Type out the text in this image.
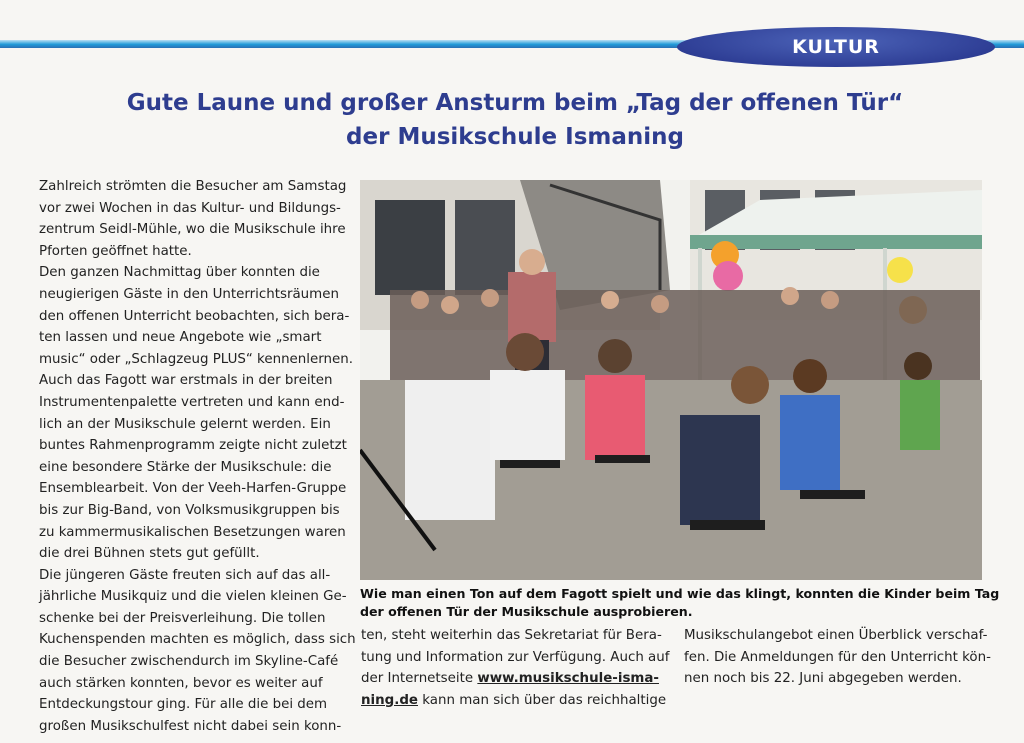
KULTUR
Gute Laune und großer Ansturm beim „Tag der offenen Tür“
der Musikschule Ismaning
Zahlreich strömten die Besucher am Samstag
vor zwei Wochen in das Kultur- und Bildungs-
zentrum Seidl-Mühle, wo die Musikschule ihre
Pforten geöffnet hatte.
Den ganzen Nachmittag über konnten die
neugierigen Gäste in den Unterrichtsräumen
den offenen Unterricht beobachten, sich bera-
ten lassen und neue Angebote wie „smart
music“ oder „Schlagzeug PLUS“ kennenlernen.
Auch das Fagott war erstmals in der breiten
Instrumentenpalette vertreten und kann end-
lich an der Musikschule gelernt werden. Ein
buntes Rahmenprogramm zeigte nicht zuletzt
eine besondere Stärke der Musikschule: die
Ensemblearbeit. Von der Veeh-Harfen-Gruppe
bis zur Big-Band, von Volksmusikgruppen bis
zu kammermusikalischen Besetzungen waren
die drei Bühnen stets gut gefüllt.
Die jüngeren Gäste freuten sich auf das all-
jährliche Musikquiz und die vielen kleinen Ge-
schenke bei der Preisverleihung. Die tollen
Kuchenspenden machten es möglich, dass sich
die Besucher zwischendurch im Skyline-Café
auch stärken konnten, bevor es weiter auf
Entdeckungstour ging. Für alle die bei dem
großen Musikschulfest nicht dabei sein konn-
Wie man einen Ton auf dem Fagott spielt und wie das klingt, konnten die Kinder beim Tag
der offenen Tür der Musikschule ausprobieren.
ten, steht weiterhin das Sekretariat für Bera-
tung und Information zur Verfügung. Auch auf
der Internetseite www.musikschule-isma-
ning.de kann man sich über das reichhaltige
Musikschulangebot einen Überblick verschaf-
fen. Die Anmeldungen für den Unterricht kön-
nen noch bis 22. Juni abgegeben werden.
